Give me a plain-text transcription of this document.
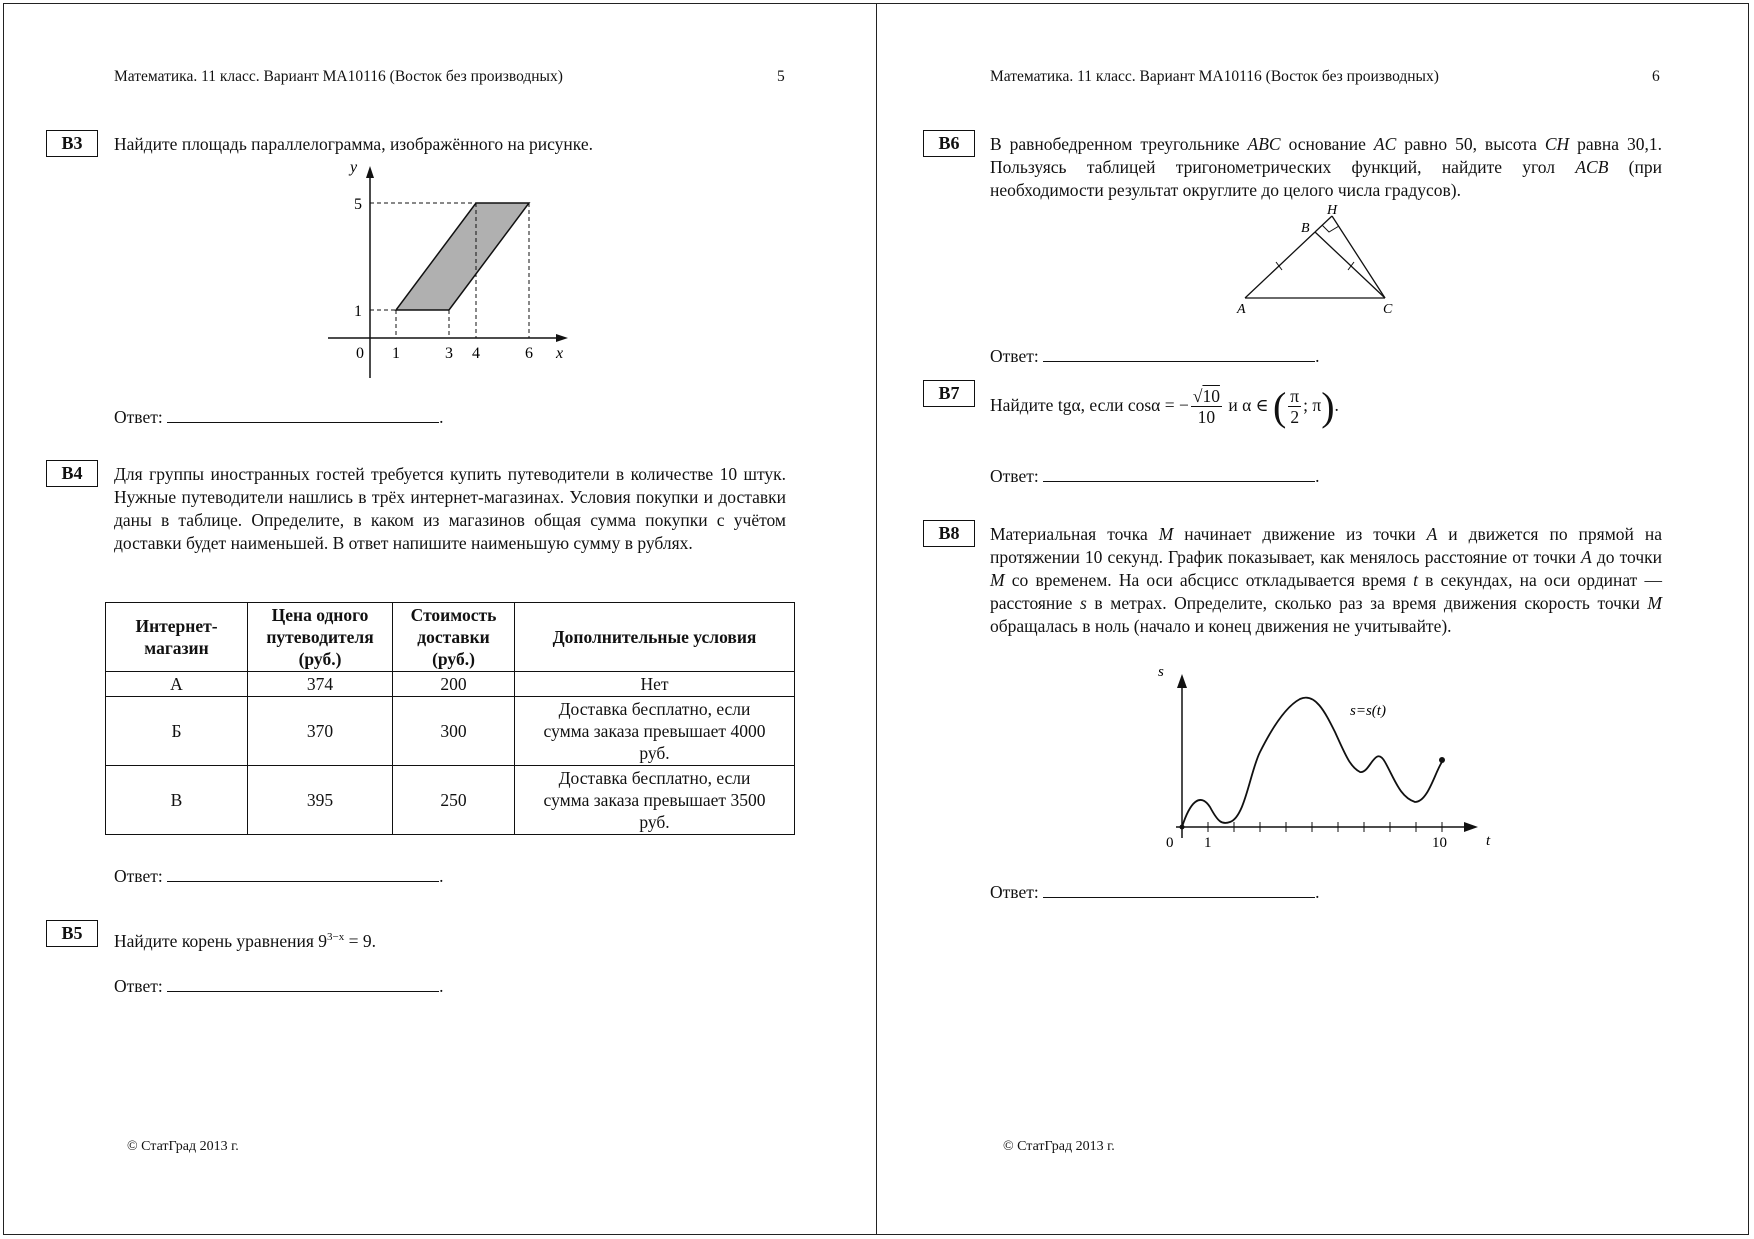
Математика. 11 класс. Вариант МА10116 (Восток без производных)	5
B3	Найдите площадь параллелограмма, изображённого на рисунке.
y
x
0 1	3 4	6
1
5
Ответ:	.
B4	Для группы иностранных гостей требуется купить путеводители в количестве 10 штук. Нужные путеводители нашлись в трёх интернет-магазинах. Условия покупки и доставки даны в таблице. Определите, в каком из магазинов общая сумма покупки с учётом доставки будет наименьшей. В ответ напишите наименьшую сумму в рублях.
Интернет-магазин	Цена одного путеводителя (руб.)	Стоимость доставки (руб.)	Дополнительные условия
А	374	200	Нет
Б	370	300	Доставка бесплатно, если сумма заказа превышает 4000 руб.
В	395	250	Доставка бесплатно, если сумма заказа превышает 3500 руб.
Ответ:	.
B5	Найдите корень уравнения $9^{3-x} = 9$.
Ответ:	.
© СтатГрад 2013 г.
Математика. 11 класс. Вариант МА10116 (Восток без производных)	6
B6	В равнобедренном треугольнике ABC основание AC равно 50, высота CH равна 30,1. Пользуясь таблицей тригонометрических функций, найдите угол ACB (при необходимости результат округлите до целого числа градусов).
A
B
C
H
Ответ:	.
B7
Найдите tgα, если cosα = − $\frac{√10}{10}$ и α ∈ ( $\frac{\pi}{2}$ ; π).
Ответ:	.
B8	Материальная точка M начинает движение из точки A и движется по прямой на протяжении 10 секунд. График показывает, как менялось расстояние от точки A до точки M со временем. На оси абсцисс откладывается время t в секундах, на оси ординат — расстояние s в метрах. Определите, сколько раз за время движения скорость точки M обращалась в ноль (начало и конец движения не учитывайте).
Ответ:	.
© СтатГрад 2013 г.
s
t
0 1	10
s=s(t)
